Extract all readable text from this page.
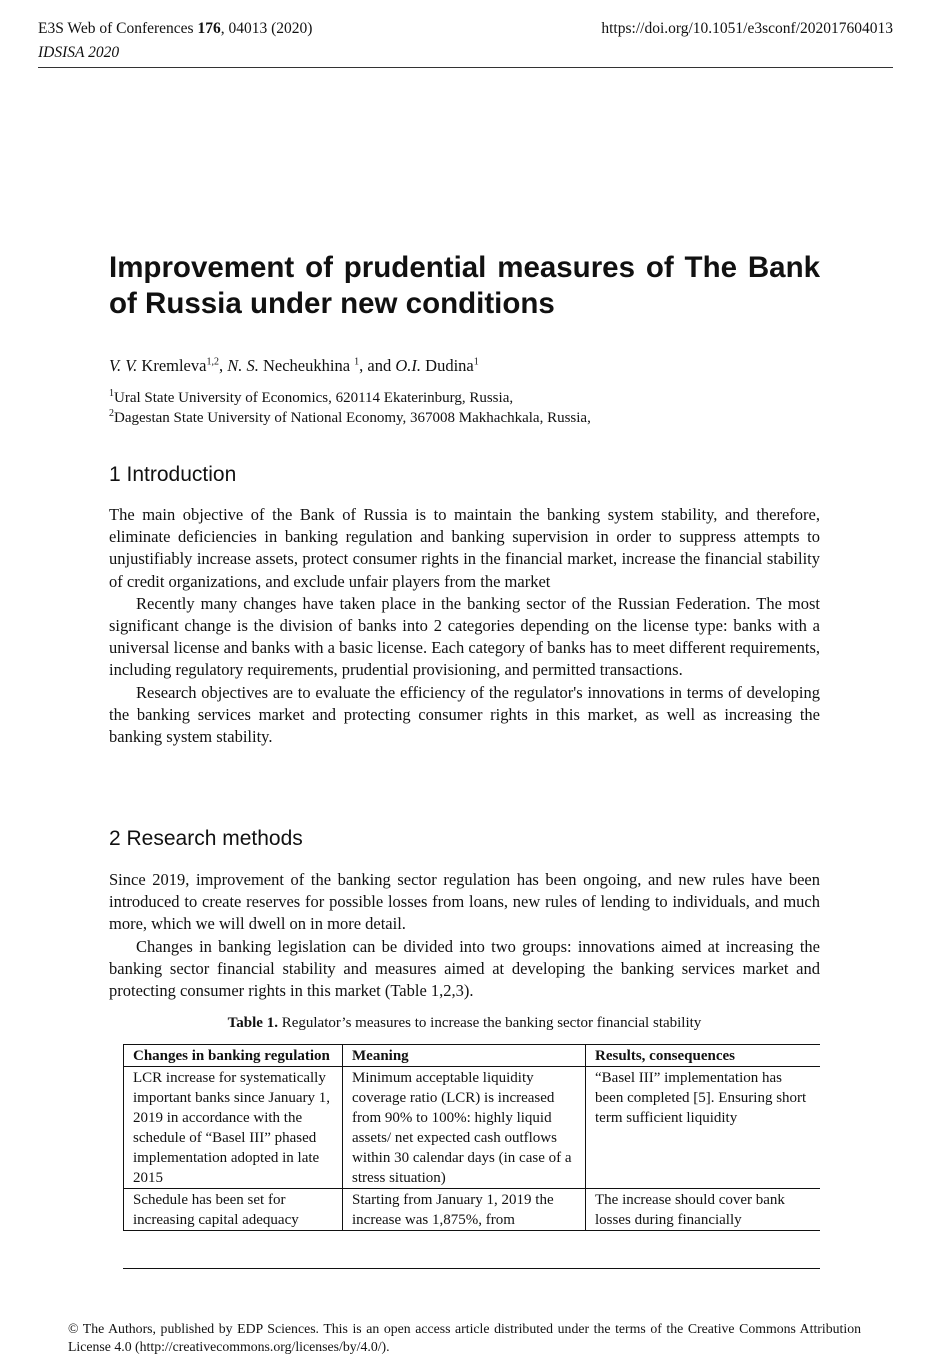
E3S Web of Conferences 176, 04013 (2020)	https://doi.org/10.1051/e3sconf/202017604013
IDSISA 2020
Improvement of prudential measures of The Bank of Russia under new conditions
V. V. Kremleva$^{1,2}$, N. S. Necheukhina $^1$, and O.I. Dudina$^1$
$^1$Ural State University of Economics, 620114 Ekaterinburg, Russia,
$^2$Dagestan State University of National Economy, 367008 Makhachkala, Russia,
1 Introduction

The main objective of the Bank of Russia is to maintain the banking system stability, and therefore, eliminate deficiencies in banking regulation and banking supervision in order to suppress attempts to unjustifiably increase assets, protect consumer rights in the financial market, increase the financial stability of credit organizations, and exclude unfair players from the market

Recently many changes have taken place in the banking sector of the Russian Federation. The most significant change is the division of banks into 2 categories depending on the license type: banks with a universal license and banks with a basic license. Each category of banks has to meet different requirements, including regulatory requirements, prudential provisioning, and permitted transactions.

Research objectives are to evaluate the efficiency of the regulator's innovations in terms of developing the banking services market and protecting consumer rights in this market, as well as increasing the banking system stability.

2 Research methods

Since 2019, improvement of the banking sector regulation has been ongoing, and new rules have been introduced to create reserves for possible losses from loans, new rules of lending to individuals, and much more, which we will dwell on in more detail.

Changes in banking legislation can be divided into two groups: innovations aimed at increasing the banking sector financial stability and measures aimed at developing the banking services market and protecting consumer rights in this market (Table 1,2,3).

Table 1. Regulator’s measures to increase the banking sector financial stability
Changes in banking regulation	Meaning	Results, consequences
LCR increase for systematically important banks since January 1, 2019 in accordance with the schedule of “Basel III” phased implementation adopted in late 2015	Minimum acceptable liquidity coverage ratio (LCR) is increased from 90% to 100%: highly liquid assets/ net expected cash outflows within 30 calendar days (in case of a stress situation)	“Basel III” implementation has been completed [5]. Ensuring short term sufficient liquidity
Schedule has been set for increasing capital adequacy	Starting from January 1, 2019 the increase was 1,875%, from	The increase should cover bank losses during financially
© The Authors, published by EDP Sciences. This is an open access article distributed under the terms of the Creative Commons Attribution License 4.0 (http://creativecommons.org/licenses/by/4.0/).
